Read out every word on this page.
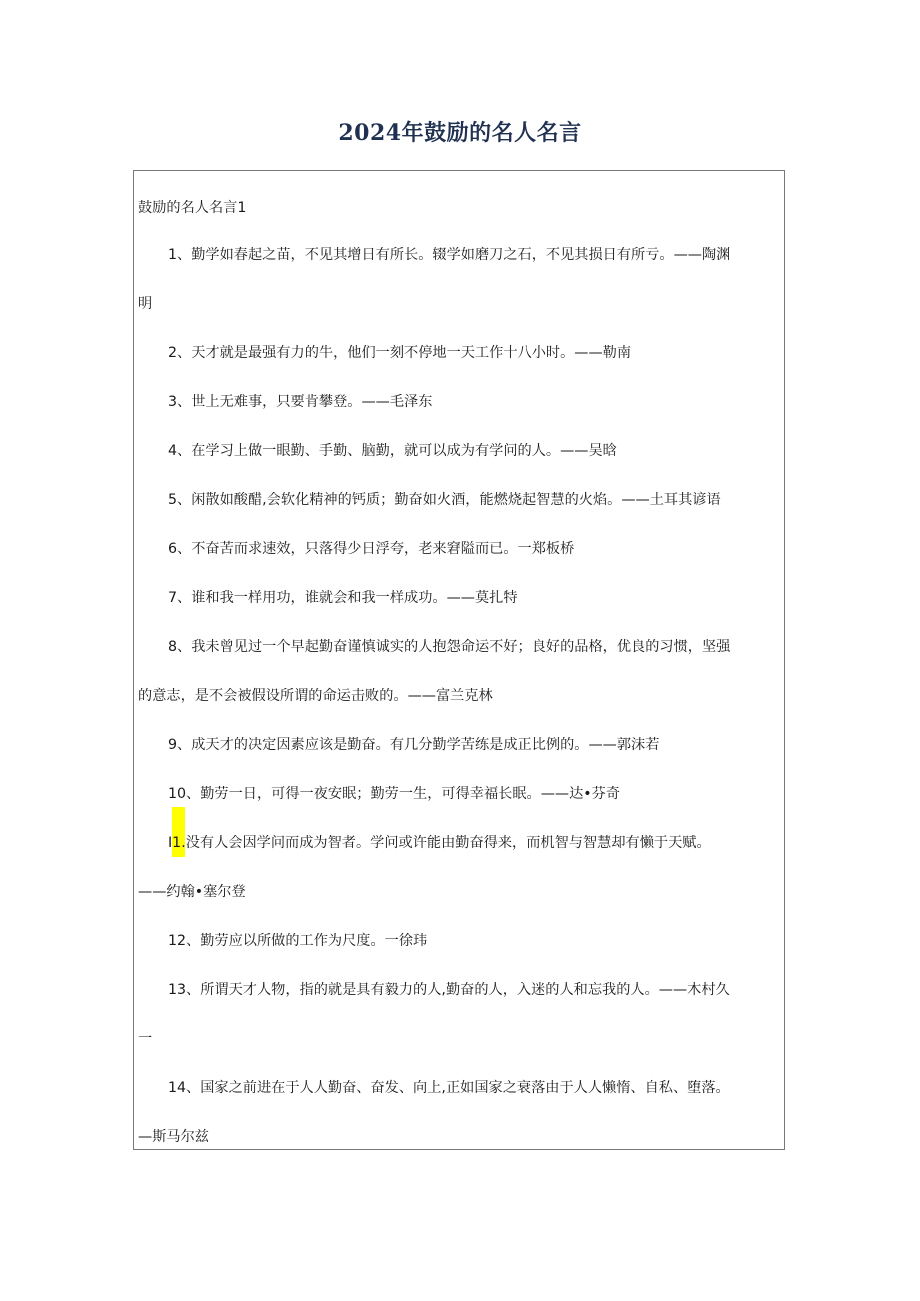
2024年鼓励的名人名言
鼓励的名人名言1
1、勤学如春起之苗，不见其增日有所长。辍学如磨刀之石，不见其损日有所亏。——陶渊
明
2、天才就是最强有力的牛，他们一刻不停地一天工作十八小时。——勒南
3、世上无难事，只要肯攀登。——毛泽东
4、在学习上做一眼勤、手勤、脑勤，就可以成为有学问的人。——吴晗
5、闲散如酸醋,会软化精神的钙质；勤奋如火酒，能燃烧起智慧的火焰。——土耳其谚语
6、不奋苦而求速效，只落得少日浮夸，老来窘隘而已。一郑板桥
7、谁和我一样用功，谁就会和我一样成功。——莫扎特
8、我未曾见过一个早起勤奋谨慎诚实的人抱怨命运不好；良好的品格，优良的习惯，坚强
的意志，是不会被假设所谓的命运击败的。——富兰克林
9、成天才的决定因素应该是勤奋。有几分勤学苦练是成正比例的。——郭沫若
10、勤劳一日，可得一夜安眠；勤劳一生，可得幸福长眠。——达•芬奇
I1.没有人会因学问而成为智者。学问或许能由勤奋得来，而机智与智慧却有懒于天赋。
——约翰•塞尔登
12、勤劳应以所做的工作为尺度。一徐玮
13、所谓天才人物，指的就是具有毅力的人,勤奋的人，入迷的人和忘我的人。——木村久
一
14、国家之前进在于人人勤奋、奋发、向上,正如国家之衰落由于人人懒惰、自私、堕落。
—斯马尔兹
